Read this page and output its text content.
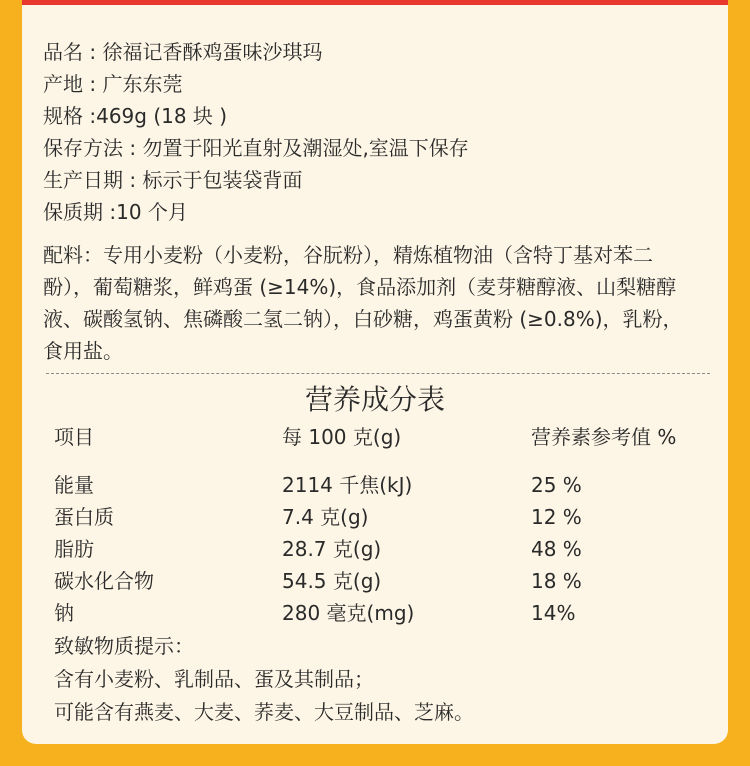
品名 : 徐福记香酥鸡蛋味沙琪玛
产地 : 广东东莞
规格 :469g (18 块 )
保存方法 : 勿置于阳光直射及潮湿处,室温下保存
生产日期 : 标示于包装袋背面
保质期 :10 个月
配料：专用小麦粉（小麦粉，谷朊粉），精炼植物油（含特丁基对苯二
酚），葡萄糖浆，鲜鸡蛋 (≥14%)，食品添加剂（麦芽糖醇液、山梨糖醇
液、碳酸氢钠、焦磷酸二氢二钠），白砂糖，鸡蛋黄粉 (≥0.8%)，乳粉，
食用盐。
营养成分表
项目	每 100 克(g)	营养素参考值 %
能量	2114 千焦(kJ)	25 %
蛋白质	7.4 克(g)	12 %
脂肪	28.7 克(g)	48 %
碳水化合物	54.5 克(g)	18 %
钠	280 毫克(mg)	14%
致敏物质提示：
含有小麦粉、乳制品、蛋及其制品；
可能含有燕麦、大麦、荞麦、大豆制品、芝麻。
